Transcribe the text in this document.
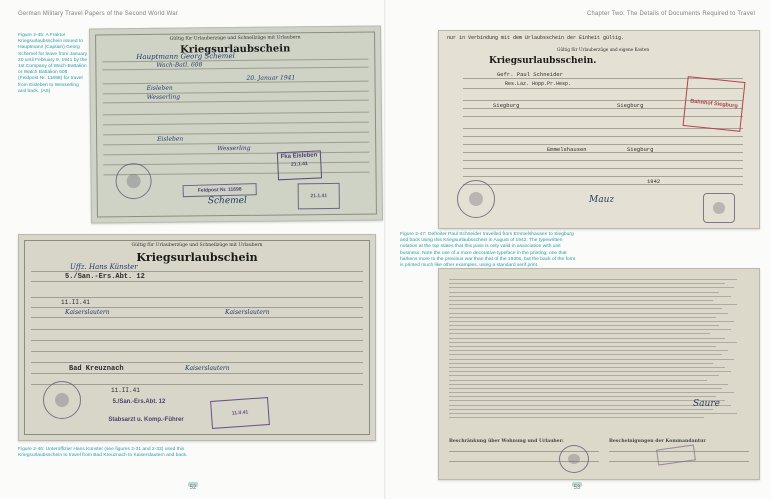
German Military Travel Papers of the Second World War
Figure 2-45: A Fraktur Kriegsurlaubsschein issued to Hauptmann (Captain) Georg Schemel for leave from January 20 until February 9, 1941 by the 1st Company of Wach-Battalion or Watch Battalion 608 (Feldpost Nr. 11698) for travel from Eisleben to Wesserling and back. (AS)
Gültig für Urlauberzüge und Schnellzüge mit Urlaubern
Kriegsurlaubschein
Hauptmann Georg Schemel
Wach-Batl. 608
Eisleben
Wesserling
20. Januar 1941
Eisleben
Wesserling
Fka Eisleben
21.1.41
Feldpost Nr. 11698
21.1.41
Schemel
Gültig für Urlauberzüge und Schnellzüge mit Urlaubern
Kriegsurlaubschein
Uffz. Hans Künster
5./San.-Ers.Abt. 12
11.II.41
Kaiserslautern	Kaiserslautern
Bad Kreuznach	Kaiserslautern
11.II.41
5./San.-Ers.Abt. 12
Stabsarzt u. Komp.-Führer
11.II.41
Figure 2-46: Unteroffizier Hans Künster (see figures 2-31 and 2-33) used this Kriegsurlaubsschein to travel from Bad Kreuznach to Kaiserslautern and back.
52
Chapter Two: The Details of Documents Required to Travel
nur in Verbindung mit dem Urlaubsschein der Einheit gültig.
Gültig für Urlauberzüge und eigene Kosten
Kriegsurlaubsschein.
Gefr. Paul Schneider
Res.Laz. Hopp.Pr.Hesp.
Siegburg	Siegburg
Emmelshausen	Siegburg
1942
Bahnhof Siegburg
Mauz
Figure 2-47: Gefreiter Paul Schneider travelled from Emmelshausen to Siegburg and back using this Kriegsurlaubsschein in August of 1942. The typewritten notation at the top states that this pass is only valid in association with unit business. Note the use of a more decorative typeface in the printing, one that harkens more to the previous war than that of the 1930s, but the back of the form is printed much like other examples, using a standard serif print.
Beschränkung über Wohnung und Urlauber:	Bescheinigungen der Kommandantur
Saure
53
